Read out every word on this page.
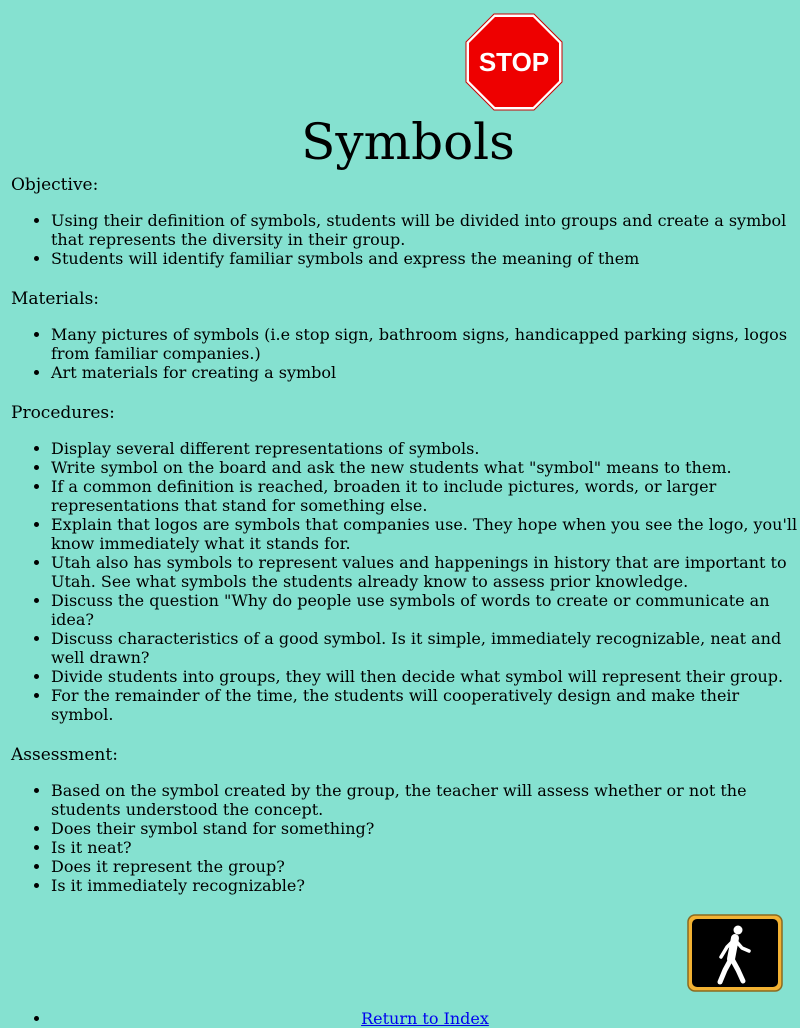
STOP
Symbols
Objective:
• Using their definition of symbols, students will be divided into groups and create a symbol that represents the diversity in their group.
• Students will identify familiar symbols and express the meaning of them
Materials:
• Many pictures of symbols (i.e stop sign, bathroom signs, handicapped parking signs, logos from familiar companies.)
• Art materials for creating a symbol
Procedures:
• Display several different representations of symbols.
• Write symbol on the board and ask the new students what "symbol" means to them.
• If a common definition is reached, broaden it to include pictures, words, or larger representations that stand for something else.
• Explain that logos are symbols that companies use. They hope when you see the logo, you'll know immediately what it stands for.
• Utah also has symbols to represent values and happenings in history that are important to Utah. See what symbols the students already know to assess prior knowledge.
• Discuss the question "Why do people use symbols of words to create or communicate an idea?
• Discuss characteristics of a good symbol. Is it simple, immediately recognizable, neat and well drawn?
• Divide students into groups, they will then decide what symbol will represent their group.
• For the remainder of the time, the students will cooperatively design and make their symbol.
Assessment:
• Based on the symbol created by the group, the teacher will assess whether or not the students understood the concept.
• Does their symbol stand for something?
• Is it neat?
• Does it represent the group?
• Is it immediately recognizable?
• Return to Index
